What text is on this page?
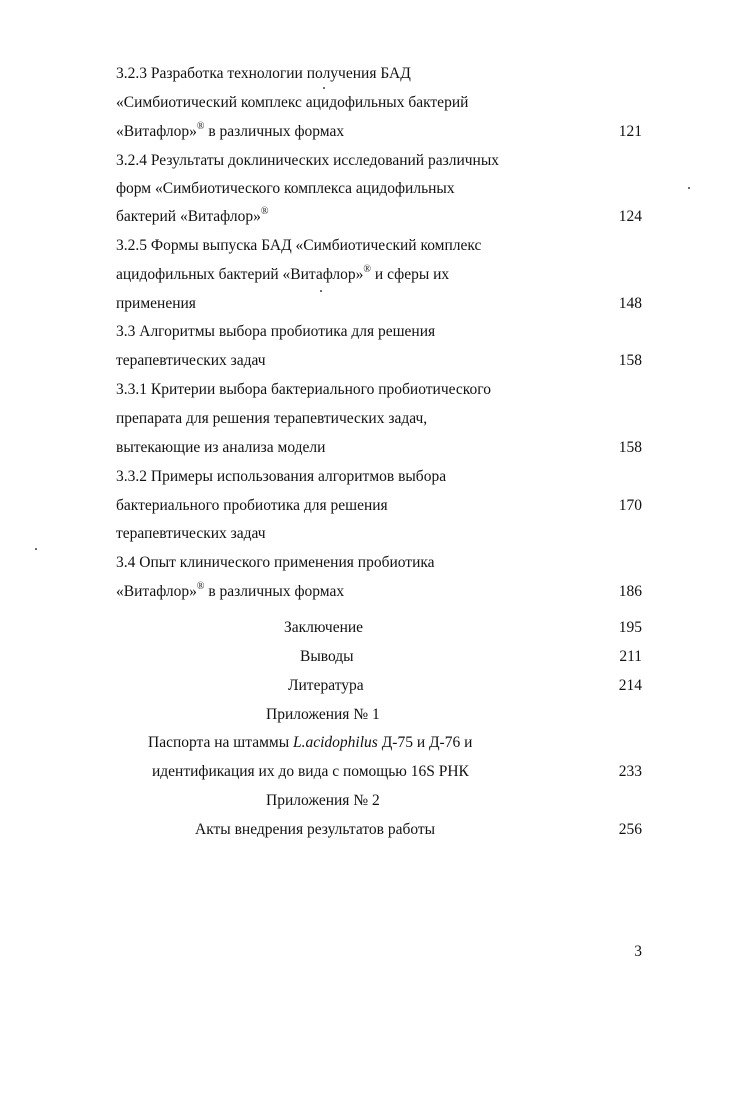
3.2.3 Разработка технологии получения БАД
«Симбиотический комплекс ацидофильных бактерий
«Витафлор»® в различных формах	121
3.2.4 Результаты доклинических исследований различных
форм «Симбиотического комплекса ацидофильных
бактерий «Витафлор»®	124
3.2.5 Формы выпуска БАД «Симбиотический комплекс
ацидофильных бактерий «Витафлор»® и сферы их
применения	148
3.3 Алгоритмы выбора пробиотика для решения
терапевтических задач	158
3.3.1 Критерии выбора бактериального пробиотического
препарата для решения терапевтических задач,
вытекающие из анализа модели	158
3.3.2 Примеры использования алгоритмов выбора
бактериального пробиотика для решения	170
терапевтических задач
3.4 Опыт клинического применения пробиотика
«Витафлор»® в различных формах	186
Заключение	195
Выводы	211
Литература	214
Приложения № 1
Паспорта на штаммы L.acidophilus Д-75 и Д-76 и
идентификация их до вида с помощью 16S РНК	233
Приложения № 2
Акты внедрения результатов работы	256
3
